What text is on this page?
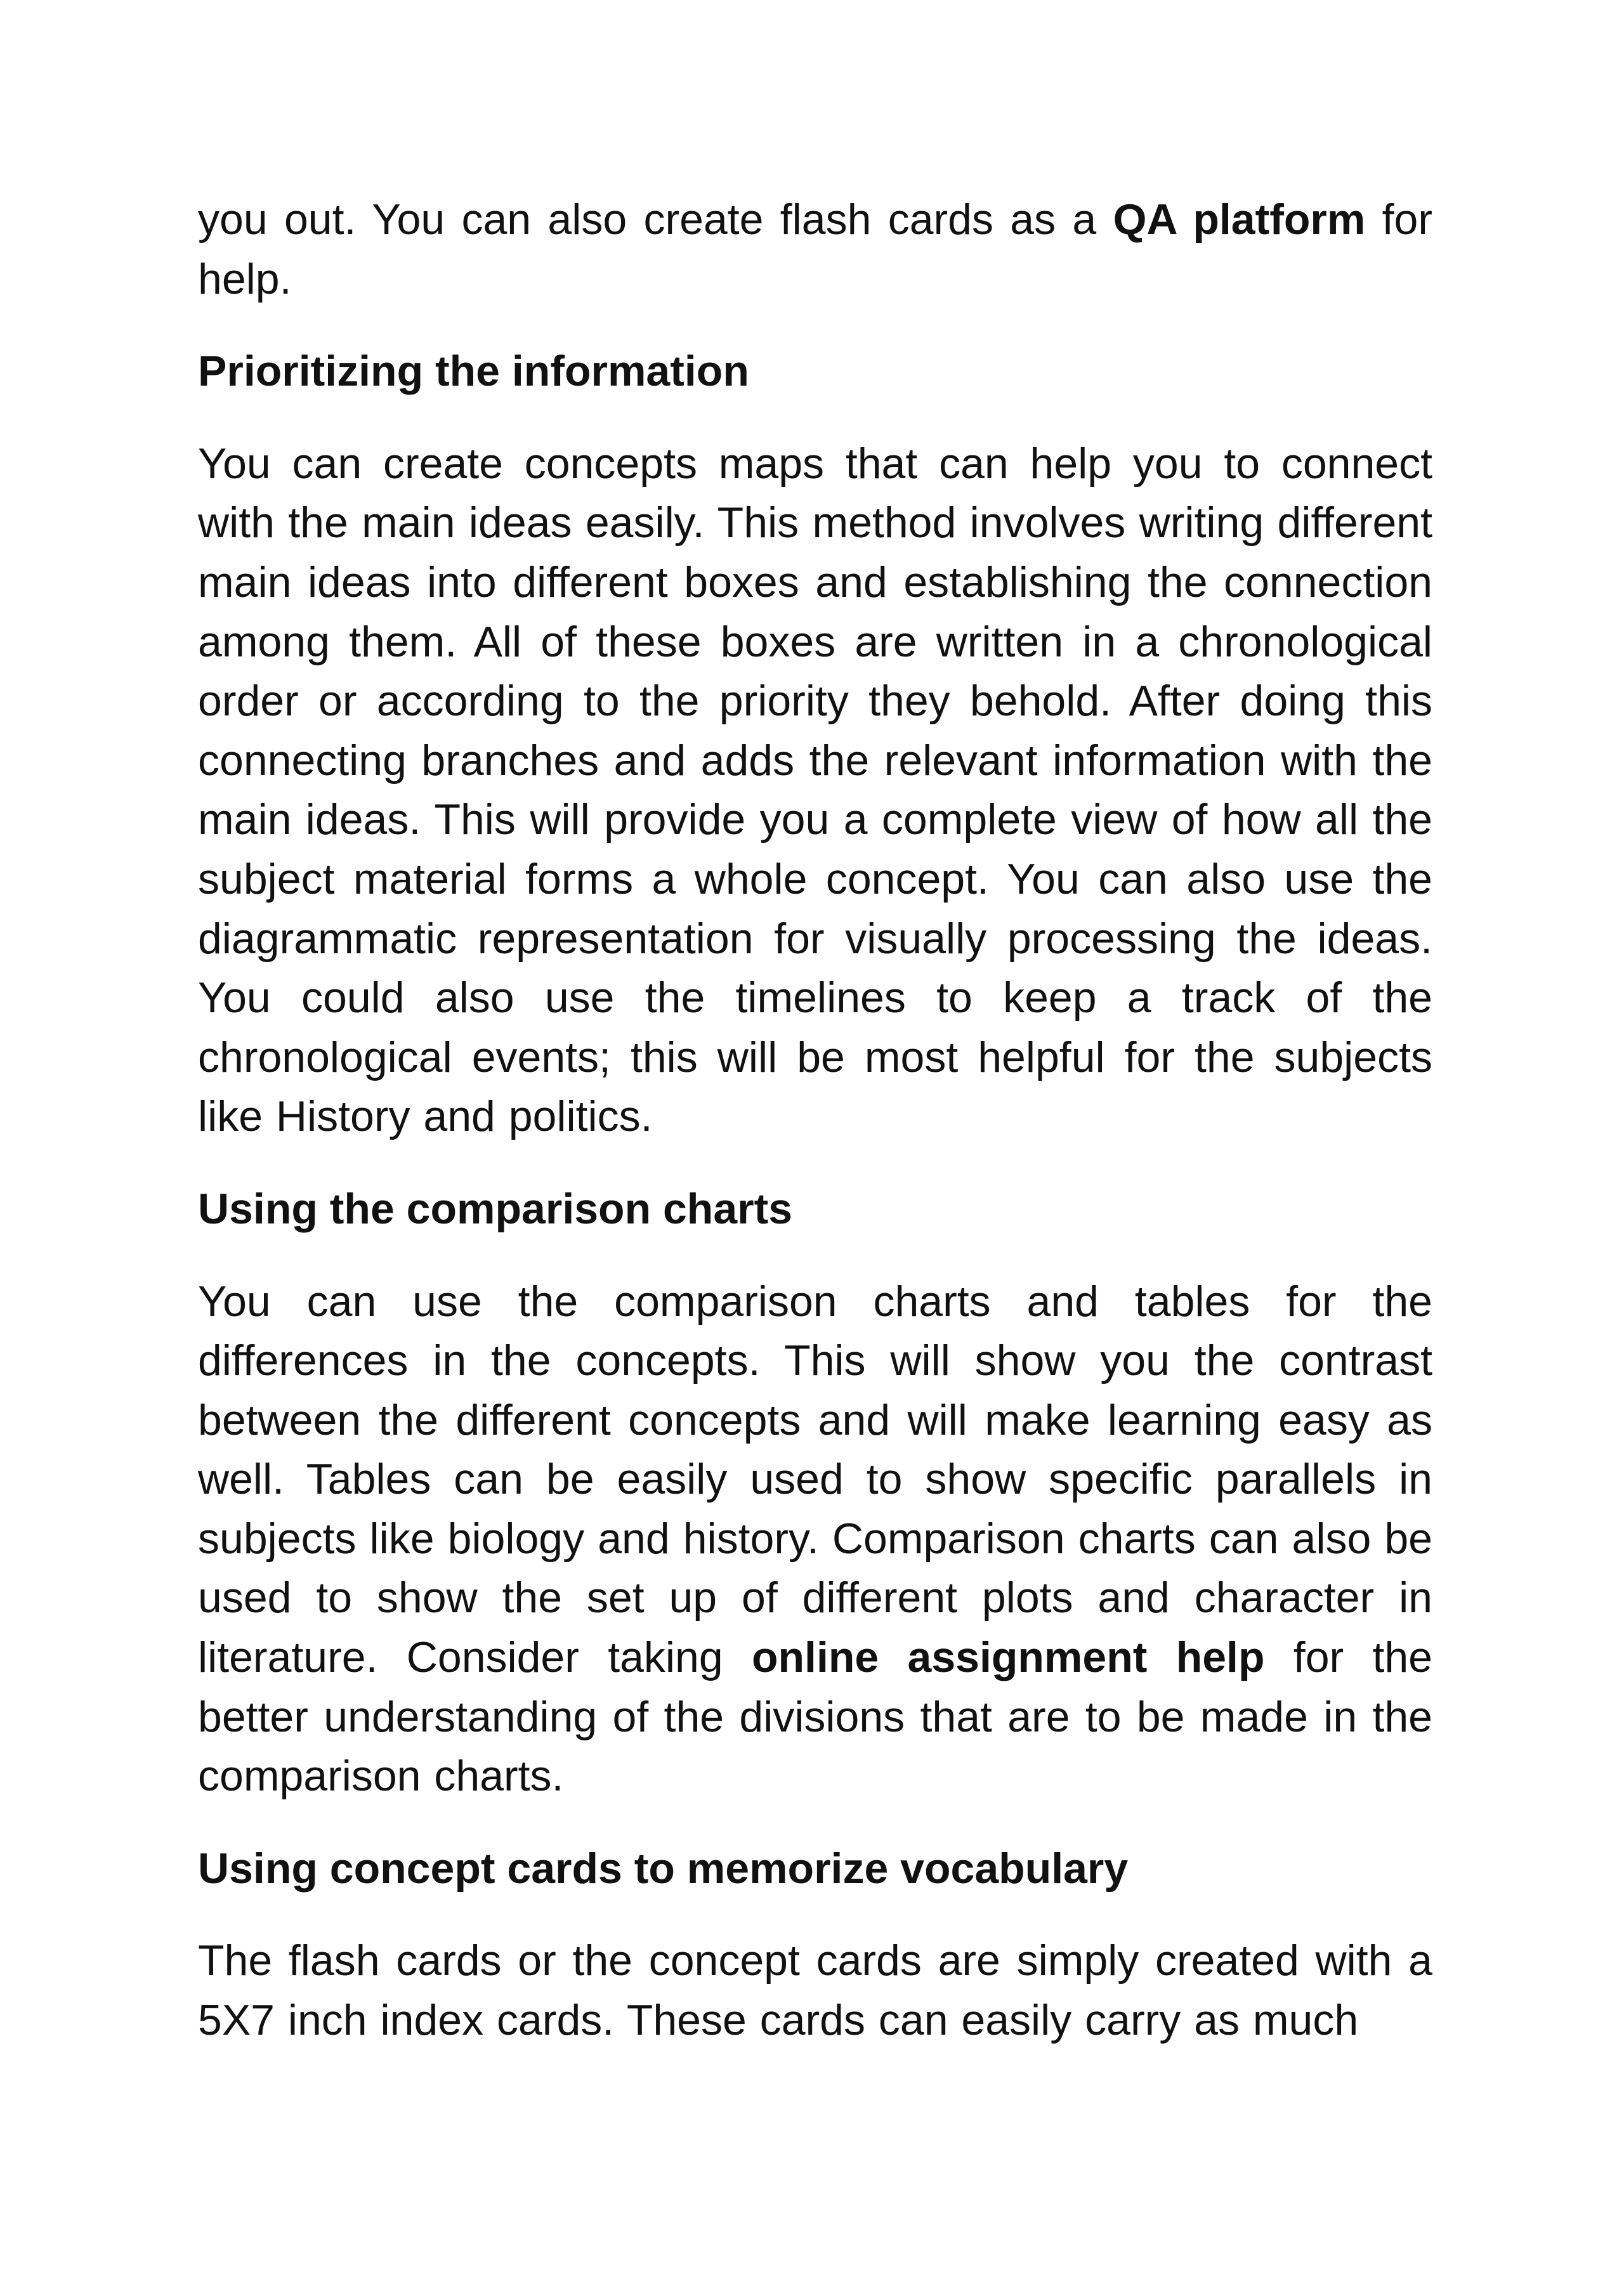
you out. You can also create flash cards as a QA platform for help.

Prioritizing the information

You can create concepts maps that can help you to connect with the main ideas easily. This method involves writing different main ideas into different boxes and establishing the connection among them. All of these boxes are written in a chronological order or according to the priority they behold. After doing this connecting branches and adds the relevant information with the main ideas. This will provide you a complete view of how all the subject material forms a whole concept. You can also use the diagrammatic representation for visually processing the ideas. You could also use the timelines to keep a track of the chronological events; this will be most helpful for the subjects like History and politics.

Using the comparison charts

You can use the comparison charts and tables for the differences in the concepts. This will show you the contrast between the different concepts and will make learning easy as well. Tables can be easily used to show specific parallels in subjects like biology and history. Comparison charts can also be used to show the set up of different plots and character in literature. Consider taking online assignment help for the better understanding of the divisions that are to be made in the comparison charts.

Using concept cards to memorize vocabulary

The flash cards or the concept cards are simply created with a 5X7 inch index cards. These cards can easily carry as much
